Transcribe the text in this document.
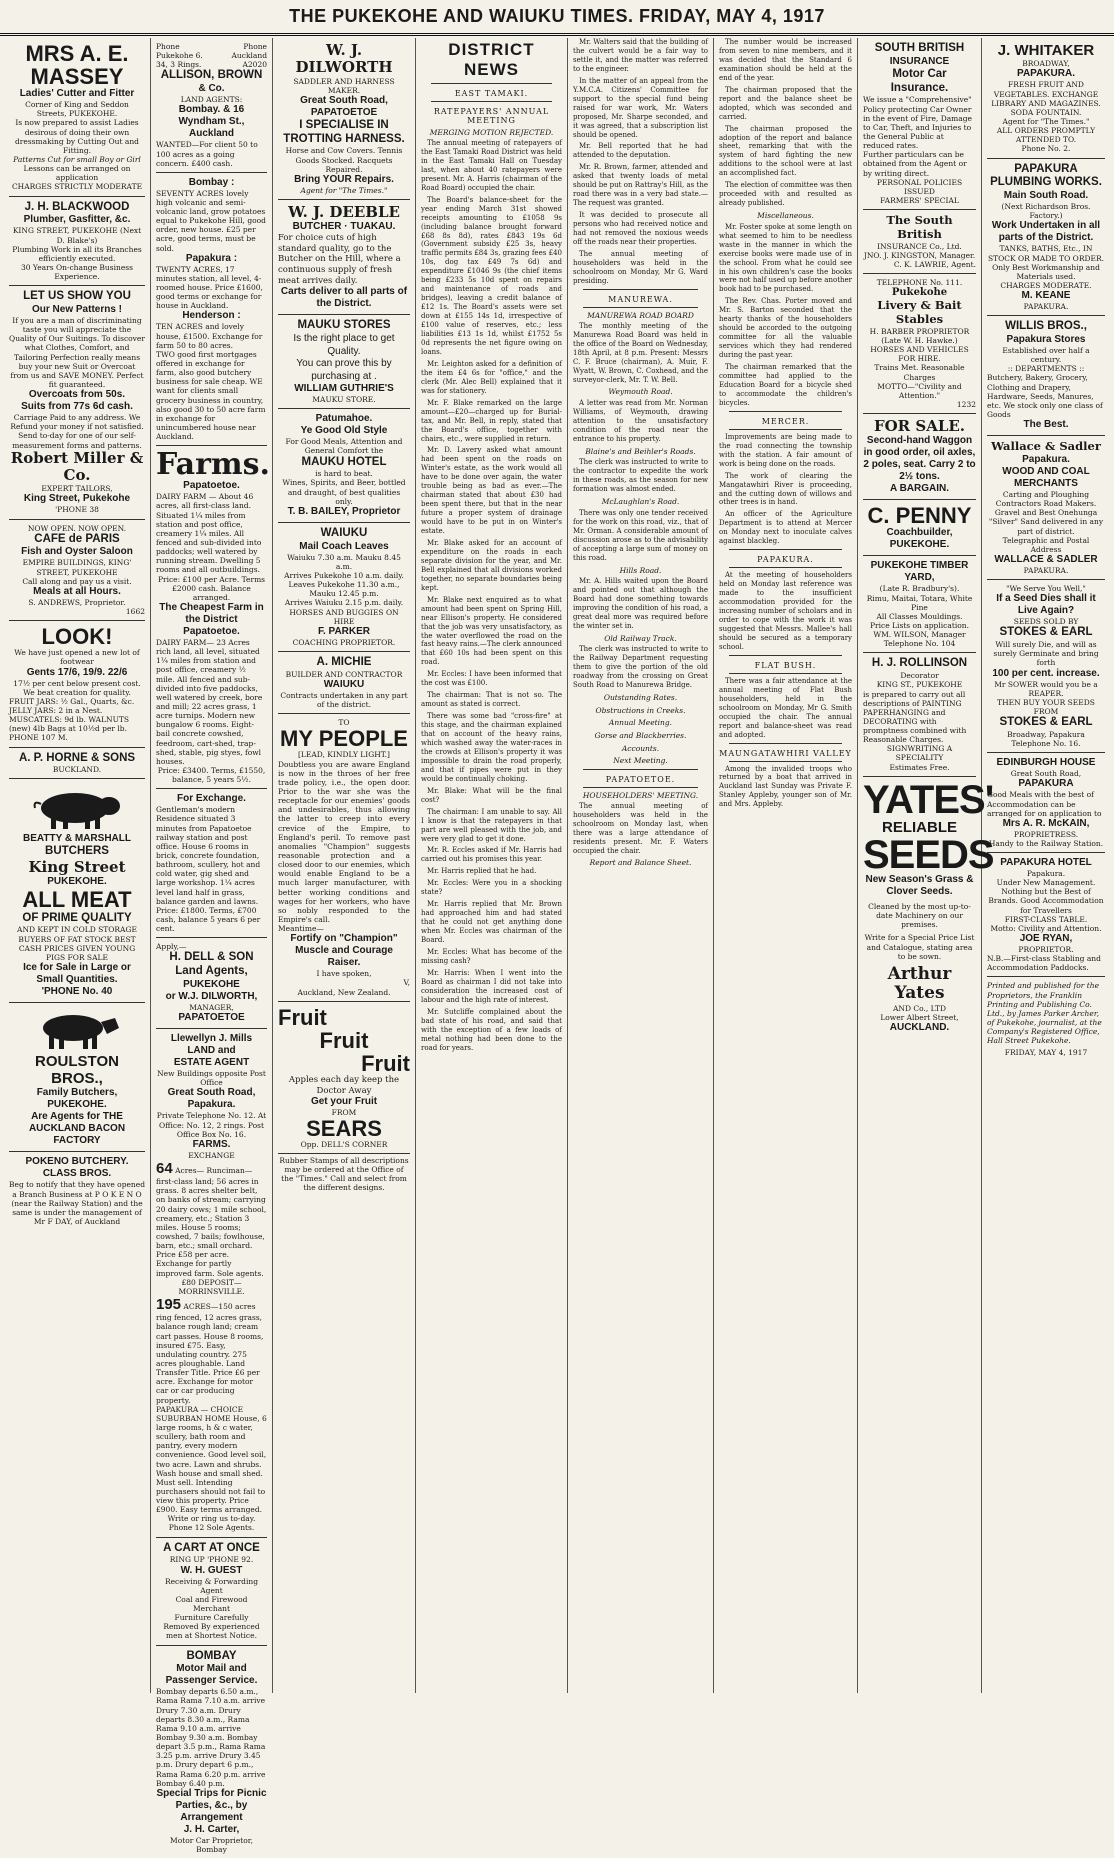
THE PUKEKOHE AND WAIUKU TIMES. FRIDAY, MAY 4, 1917
MRS A. E. MASSEY
Ladies' Cutter and Fitter
Corner of King and Seddon Streets, PUKEKOHE.
Is now prepared to assist Ladies desirous of doing their own dressmaking by Cutting Out and Fitting.
Patterns Cut for small Boy or Girl
Lessons can be arranged on application
CHARGES STRICTLY MODERATE
J. H. BLACKWOOD
Plumber, Gasfitter, &c.
KING STREET, PUKEKOHE (Next D. Blake's)
Plumbing Work in all its Branches efficiently executed.
30 Years On-change Business Experience.
LET US SHOW YOU
Our New Patterns !
If you are a man of discriminating taste you will appreciate the Quality of Our Suitings. To discover what Clothes, Comfort, and Tailoring Perfection really means buy your new Suit or Overcoat from us and SAVE MONEY. Perfect fit guaranteed.
Overcoats from 50s.
Suits from 77s 6d cash.
Carriage Paid to any address. We Refund your money if not satisfied. Send to-day for one of our self-measurement forms and patterns.
Robert Miller & Co.
EXPERT TAILORS,
King Street, Pukekohe
'PHONE 38
NOW OPEN. NOW OPEN.
CAFE de PARIS
Fish and Oyster Saloon
EMPIRE BUILDINGS, KING' STREET, PUKEKOHE
Call along and pay us a visit.
Meals at all Hours.
S. ANDREWS, Proprietor.
1662
LOOK!
We have just opened a new lot of footwear
Gents 17/6, 19/9. 22/6
17½ per cent below present cost.
We beat creation for quality.
FRUIT JARS: ½ Gal., Quarts, &c. JELLY JARS: 2 in a Nest. MUSCATELS: 9d lb. WALNUTS (new) 4lb Bags at 10½d per lb.
PHONE 107 M.
A. P. HORNE & SONS
BUCKLAND.
BEATTY & MARSHALL
BUTCHERS
King Street
PUKEKOHE.
ALL MEAT
OF PRIME QUALITY
AND KEPT IN COLD STORAGE
BUYERS OF FAT STOCK BEST CASH PRICES GIVEN YOUNG PIGS FOR SALE
Ice for Sale in Large or Small Quantities.
'PHONE No. 40
ROULSTON BROS.,
Family Butchers,
PUKEKOHE.
Are Agents for THE AUCKLAND BACON FACTORY
POKENO BUTCHERY.
CLASS BROS.
Beg to notify that they have opened a Branch Business at P O K E N O (near the Railway Station) and the same is under the management of Mr F DAY, of Auckland
Phone Pukekohe 6. 34, 3 Rings.
Phone Auckland A2020
ALLISON, BROWN
& Co.
LAND AGENTS:
Bombay. & 16 Wyndham St., Auckland
WANTED—For client 50 to 100 acres as a going concern. £400 cash.
Bombay :
SEVENTY ACRES lovely high volcanic and semi-volcanic land, grow potatoes equal to Pukekohe Hill, good order, new house. £25 per acre, good terms, must be sold.
Papakura :
TWENTY ACRES, 17 minutes station, all level, 4-roomed house. Price £1600, good terms or exchange for house in Auckland.
Henderson :
TEN ACRES and lovely house, £1500. Exchange for farm 50 to 80 acres.
TWO good first mortgages offered in exchange for farm, also good butchery business for sale cheap. WE want for clients small grocery business in country, also good 30 to 50 acre farm in exchange for unincumbered house near Auckland.
Farms.
Papatoetoe.
DAIRY FARM — About 46 acres, all first-class land. Situated 1¼ miles from station and post office, creamery 1¼ miles. All fenced and sub-divided into paddocks; well watered by running stream. Dwelling 5 rooms and all outbuildings.
Price: £100 per Acre. Terms £2000 cash. Balance arranged.
The Cheapest Farm in the District
Papatoetoe.
DAIRY FARM— 23 Acres rich land, all level, situated 1¼ miles from station and post office, creamery ½ mile. All fenced and sub-divided into five paddocks, well watered by creek, bore and mill; 22 acres grass, 1 acre turnips. Modern new bungalow 6 rooms. Eight-bail concrete cowshed, feedroom, cart-shed, trap-shed, stable, pig styes, fowl houses.
Price: £3400. Terms, £1550, balance, 5 years 5½.
For Exchange.
Gentleman's modern Residence situated 3 minutes from Papatoetoe railway station and post office. House 6 rooms in brick, concrete foundation, bathroom, scullery, hot and cold water, gig shed and large workshop. 1¼ acres level land half in grass, balance garden and lawns. Price: £1800. Terms, £700 cash, balance 5 years 6 per cent.
Apply,—
H. DELL & SON
Land Agents,
PUKEKOHE
or W.J. DILWORTH,
MANAGER,
PAPATOETOE
Llewellyn J. Mills
LAND and
ESTATE AGENT
New Buildings opposite Post Office
Great South Road, Papakura.
Private Telephone No. 12. At Office: No. 12, 2 rings. Post Office Box No. 16.
FARMS.
EXCHANGE
64 Acres— Runciman— first-class land; 56 acres in grass. 8 acres shelter belt, on banks of stream; carrying 20 dairy cows; 1 mile school, creamery, etc.; Station 3 miles. House 5 rooms; cowshed, 7 bails; fowlhouse, barn, etc.; small orchard. Price £58 per acre. Exchange for partly improved farm. Sole agents.
£80 DEPOSIT—MORRINSVILLE.
195 ACRES—150 acres ring fenced, 12 acres grass, balance rough land; cream cart passes. House 8 rooms, insured £75. Easy, undulating country. 275 acres ploughable. Land Transfer Title. Price £6 per acre. Exchange for motor car or car producing property.
PAPAKURA — CHOICE SUBURBAN HOME House, 6 large rooms, h & c water, scullery, bath room and pantry, every modern convenience. Good level soil, two acre. Lawn and shrubs. Wash house and small shed. Must sell. Intending purchasers should not fail to view this property. Price £900. Easy terms arranged.
Write or ring us to-day. Phone 12 Sole Agents.
A CART AT ONCE
RING UP 'PHONE 92.
W. H. GUEST
Receiving & Forwarding Agent
Coal and Firewood Merchant
Furniture Carefully Removed By experienced men at Shortest Notice.
BOMBAY
Motor Mail and Passenger Service.
Bombay departs 6.50 a.m., Rama Rama 7.10 a.m. arrive Drury 7.30 a.m. Drury departs 8.30 a.m., Rama Rama 9.10 a.m. arrive Bombay 9.30 a.m. Bombay depart 3.5 p.m., Rama Rama 3.25 p.m. arrive Drury 3.45 p.m. Drury depart 6 p.m., Rama Rama 6.20 p.m. arrive Bombay 6.40 p.m.
Special Trips for Picnic Parties, &c., by Arrangement
J. H. Carter,
Motor Car Proprietor, Bombay
W. J. DILWORTH
SADDLER AND HARNESS MAKER.
Great South Road, PAPATOETOE
I SPECIALISE IN TROTTING HARNESS.
Horse and Cow Covers. Tennis Goods Stocked. Racquets Repaired.
Bring YOUR Repairs.
Agent for "The Times."
W. J. DEEBLE
BUTCHER · TUAKAU.
For choice cuts of high standard quality, go to the Butcher on the Hill, where a continuous supply of fresh meat arrives daily.
Carts deliver to all parts of the District.
MAUKU STORES
Is the right place to get Quality.
You can prove this by purchasing at .
WILLIAM GUTHRIE'S
MAUKU STORE.
Patumahoe.
Ye Good Old Style
For Good Meals, Attention and General Comfort the
MAUKU HOTEL
is hard to beat.
Wines, Spirits, and Beer, bottled and draught, of best qualities only.
T. B. BAILEY, Proprietor
WAIUKU
Mail Coach Leaves
Waiuku 7.30 a.m. Mauku 8.45 a.m.
Arrives Pukekohe 10 a.m. daily.
Leaves Pukekohe 11.30 a.m., Mauku 12.45 p.m.
Arrives Waiuku 2.15 p.m. daily.
HORSES AND BUGGIES ON HIRE
F. PARKER
COACHING PROPRIETOR.
A. MICHIE
BUILDER AND CONTRACTOR
WAIUKU
Contracts undertaken in any part of the district.
TO
MY PEOPLE
[LEAD, KINDLY LIGHT.]
Doubtless you are aware England is now in the throes of her free trade policy, i.e., the open door. Prior to the war she was the receptacle for our enemies' goods and undesirables, thus allowing the latter to creep into every crevice of the Empire, to England's peril. To remove past anomalies "Champion" suggests reasonable protection and a closed door to our enemies, which would enable England to be a much larger manufacturer, with better working conditions and wages for her workers, who have so nobly responded to the Empire's call.
Meantime—
Fortify on "Champion" Muscle and Courage Raiser.
I have spoken,
V,
Auckland, New Zealand.
Fruit
Fruit
Fruit
Apples each day keep the Doctor Away
Get your Fruit
FROM
SEARS
Opp. DELL'S CORNER
Rubber Stamps of all descriptions may be ordered at the Office of the "Times." Call and select from the different designs.
DISTRICT NEWS
EAST TAMAKI.
RATEPAYERS' ANNUAL MEETING
MERGING MOTION REJECTED.

The annual meeting of ratepayers of the East Tamaki Road District was held in the East Tamaki Hall on Tuesday last, when about 40 ratepayers were present. Mr. A. Harris (chairman of the Road Board) occupied the chair.

The Board's balance-sheet for the year ending March 31st showed receipts amounting to £1058 9s (including balance brought forward £68 8s 8d), rates £843 19s 6d (Government subsidy £25 3s, heavy traffic permits £84 3s, grazing fees £40 10s, dog tax £49 7s 6d) and expenditure £1046 9s (the chief items being £233 5s 10d spent on repairs and maintenance of roads and bridges), leaving a credit balance of £12 1s. The Board's assets were set down at £155 14s 1d, irrespective of £100 value of reserves, etc.; less liabilities £13 1s 1d, whilst £1752 5s 0d represents the net figure owing on loans.

Mr. Leighton asked for a definition of the item £4 6s for "office," and the clerk (Mr. Alec Bell) explained that it was for stationery.

Mr. F. Blake remarked on the large amount—£20—charged up for Burial-tax, and Mr. Bell, in reply, stated that the Board's office, together with chairs, etc., were supplied in return.

Mr. D. Lavery asked what amount had been spent on the roads on Winter's estate, as the work would all have to be done over again, the water trouble being as bad as ever.—The chairman stated that about £30 had been spent there, but that in the near future a proper system of drainage would have to be put in on Winter's estate.

Mr. Blake asked for an account of expenditure on the roads in each separate division for the year, and Mr. Bell explained that all divisions worked together, no separate boundaries being kept.

Mr. Blake next enquired as to what amount had been spent on Spring Hill, near Ellison's property. He considered that the job was very unsatisfactory, as the water overflowed the road on the fast heavy rains.—The clerk announced that £60 10s had been spent on this road.

Mr. Eccles: I have been informed that the cost was £100.

The chairman: That is not so. The amount as stated is correct.

There was some bad "cross-fire" at this stage, and the chairman explained that on account of the heavy rains, which washed away the water-races in the crowds at Ellison's property it was impossible to drain the road properly, and that if pipes were put in they would be continually choking.

Mr. Blake: What will be the final cost?

The chairman: I am unable to say. All I know is that the ratepayers in that part are well pleased with the job, and were very glad to get it done.

Mr. R. Eccles asked if Mr. Harris had carried out his promises this year.

Mr. Harris replied that he had.

Mr. Eccles: Were you in a shocking state?

Mr. Harris replied that Mr. Brown had approached him and had stated that he could not get anything done when Mr. Eccles was chairman of the Board.

Mr. Eccles: What has become of the missing cash?

Mr. Harris: When I went into the Board as chairman I did not take into consideration the increased cost of labour and the high rate of interest.

Mr. Sutcliffe complained about the bad state of his road, and said that with the exception of a few loads of metal nothing had been done to the road for years.

Mr. Walters said that the building of the culvert would be a fair way to settle it, and the matter was referred to the engineer.

In the matter of an appeal from the Y.M.C.A. Citizens' Committee for support to the special fund being raised for war work, Mr. Waters proposed, Mr. Sharpe seconded, and it was agreed, that a subscription list should be opened.

Mr. Bell reported that he had attended to the deputation.

Mr. R. Brown, farmer, attended and asked that twenty loads of metal should be put on Rattray's Hill, as the road there was in a very bad state.—The request was granted.

It was decided to prosecute all persons who had received notice and had not removed the noxious weeds off the roads near their properties.

The annual meeting of householders was held in the schoolroom on Monday, Mr G. Ward presiding.

MANUREWA.
MANUREWA ROAD BOARD

The monthly meeting of the Manurewa Road Board was held in the office of the Board on Wednesday, 18th April, at 8 p.m. Present: Messrs C. F. Bruce (chairman), A. Muir, F. Wyatt, W. Brown, C. Coxhead, and the surveyor-clerk, Mr. T. W. Bell.

Weymouth Road.

A letter was read from Mr. Norman Williams, of Weymouth, drawing attention to the unsatisfactory condition of the road near the entrance to his property.

Blaine's and Beihler's Roads.

The clerk was instructed to write to the contractor to expedite the work in these roads, as the season for new formation was almost ended.

McLaughlan's Road.

There was only one tender received for the work on this road, viz., that of Mr. Orman. A considerable amount of discussion arose as to the advisability of accepting a large sum of money on this road.

Hills Road.

Mr. A. Hills waited upon the Board and pointed out that although the Board had done something towards improving the condition of his road, a great deal more was required before the winter set in.

Old Railway Track.

The clerk was instructed to write to the Railway Department requesting them to give the portion of the old roadway from the crossing on Great South Road to Manurewa Bridge.

Outstanding Rates.
Obstructions in Creeks.
Annual Meeting.
Gorse and Blackberries.
Accounts.
Next Meeting.
PAPATOETOE.
HOUSEHOLDERS' MEETING.

The annual meeting of householders was held in the schoolroom on Monday last, when there was a large attendance of residents present. Mr. F. Waters occupied the chair.

Report and Balance Sheet.

The number would be increased from seven to nine members, and it was decided that the Standard 6 examination should be held at the end of the year.

The chairman proposed that the report and the balance sheet be adopted, which was seconded and carried.

The chairman proposed the adoption of the report and balance sheet, remarking that with the system of hard fighting the new additions to the school were at last an accomplished fact.

The election of committee was then proceeded with and resulted as already published.

Miscellaneous.

Mr. Foster spoke at some length on what seemed to him to be needless waste in the manner in which the exercise books were made use of in the school. From what he could see in his own children's case the books were not half used up before another book had to be purchased.

The Rev. Chas. Porter moved and Mr. S. Barton seconded that the hearty thanks of the householders should be accorded to the outgoing committee for all the valuable services which they had rendered during the past year.

The chairman remarked that the committee had applied to the Education Board for a bicycle shed to accommodate the children's bicycles.

MERCER.

Improvements are being made to the road connecting the township with the station. A fair amount of work is being done on the roads.

The work of clearing the Mangatawhiri River is proceeding, and the cutting down of willows and other trees is in hand.

An officer of the Agriculture Department is to attend at Mercer on Monday next to inoculate calves against blackleg.

PAPAKURA.

At the meeting of householders held on Monday last reference was made to the insufficient accommodation provided for the increasing number of scholars and in order to cope with the work it was suggested that Messrs. Mallee's hall should be secured as a temporary school.

FLAT BUSH.

There was a fair attendance at the annual meeting of Flat Bush householders, held in the schoolroom on Monday, Mr G. Smith occupied the chair. The annual report and balance-sheet was read and adopted.

MAUNGATAWHIRI VALLEY

Among the invalided troops who returned by a boat that arrived in Auckland last Sunday was Private F. Stanley Appleby, younger son of Mr. and Mrs. Appleby.

SOUTH BRITISH
INSURANCE
Motor Car Insurance.
We issue a "Comprehensive" Policy protecting Car Owner in the event of Fire, Damage to Car, Theft, and Injuries to the General Public at reduced rates.
Further particulars can be obtained from the Agent or by writing direct.
PERSONAL POLICIES ISSUED
FARMERS' SPECIAL
The South British
INSURANCE Co., Ltd.
JNO. J. KINGSTON, Manager.
C. K. LAWRIE, Agent.
TELEPHONE No. 111.
Pukekohe
Livery & Bait Stables
H. BARBER PROPRIETOR (Late W. H. Hawke.)
HORSES AND VEHICLES FOR HIRE.
Trains Met. Reasonable Charges
MOTTO—"Civility and Attention."
1232
FOR SALE.
Second-hand Waggon in good order, oil axles, 2 poles, seat. Carry 2 to 2½ tons.
A BARGAIN.
C. PENNY
Coachbuilder,
PUKEKOHE.
PUKEKOHE TIMBER YARD,
(Late R. Bradbury's).
Rimu, Maitai, Totara, White Pine
All Classes Mouldings.
Price Lists on application.
WM. WILSON, Manager
Telephone No. 104
H. J. ROLLINSON
Decorator
KING ST., PUKEKOHE
is prepared to carry out all descriptions of PAINTING PAPERHANGING and DECORATING with promptness combined with Reasonable Charges.
SIGNWRITING A SPECIALITY
Estimates Free.
YATES'
RELIABLE
SEEDS
New Season's Grass & Clover Seeds.
Cleaned by the most up-to-date Machinery on our premises.
Write for a Special Price List and Catalogue, stating area to be sown.
Arthur Yates
AND Co., LTD
Lower Albert Street,
AUCKLAND.
J. WHITAKER
BROADWAY,
PAPAKURA.
FRESH FRUIT AND VEGETABLES. EXCHANGE LIBRARY AND MAGAZINES.
SODA FOUNTAIN.
Agent for "The Times."
ALL ORDERS PROMPTLY ATTENDED TO.
Phone No. 2.
PAPAKURA PLUMBING WORKS.
Main South Road.
(Next Richardson Bros. Factory.)
Work Undertaken in all parts of the District.
TANKS, BATHS, Etc., IN STOCK OR MADE TO ORDER.
Only Best Workmanship and Materials used.
CHARGES MODERATE.
M. KEANE
PAPAKURA.
WILLIS BROS.,
Papakura Stores
Established over half a century.
:: DEPARTMENTS ::
Butchery, Bakery, Grocery, Clothing and Drapery, Hardware, Seeds, Manures, etc. We stock only one class of Goods
The Best.
Wallace & Sadler
Papakura.
WOOD AND COAL MERCHANTS
Carting and Ploughing Contractors Road Makers.
Gravel and Best Onehunga "Silver" Sand delivered in any part of district.
Telegraphic and Postal Address
WALLACE & SADLER
PAPAKURA.
"We Serve You Well,"
If a Seed Dies shall it Live Again?
SEEDS SOLD BY
STOKES & EARL
Will surely Die, and will as surely Germinate and bring forth
100 per cent. increase.
Mr SOWER would you be a REAPER.
THEN BUY YOUR SEEDS FROM
STOKES & EARL
Broadway, Papakura
Telephone No. 16.
EDINBURGH HOUSE
Great South Road,
PAPAKURA
Good Meals with the best of Accommodation can be arranged for on application to
Mrs A. R. McKAIN,
PROPRIETRESS.
Handy to the Railway Station.
PAPAKURA HOTEL
Papakura.
Under New Management.
Nothing but the Best of Brands. Good Accommodation for Travellers
FIRST-CLASS TABLE.
Motto: Civility and Attention.
JOE RYAN,
PROPRIETOR.
N.B.—First-class Stabling and Accommodation Paddocks.
Printed and published for the Proprietors, the Franklin Printing and Publishing Co. Ltd., by James Parker Archer, of Pukekohe, journalist, at the Company's Registered Office, Hall Street Pukekohe.
FRIDAY, MAY 4, 1917
